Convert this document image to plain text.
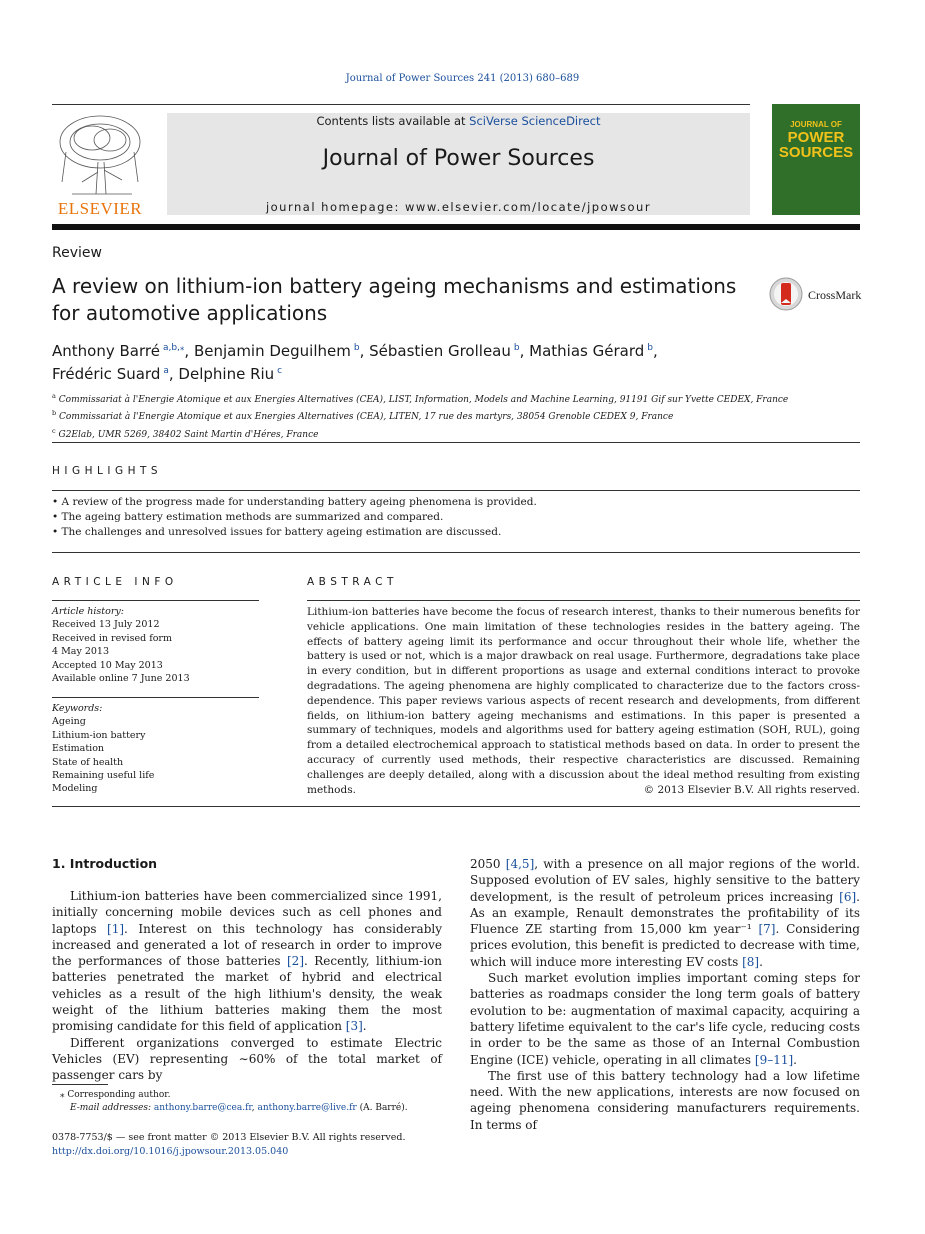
Journal of Power Sources 241 (2013) 680–689
ELSEVIER
Contents lists available at SciVerse ScienceDirect
Journal of Power Sources
journal homepage: www.elsevier.com/locate/jpowsour
JOURNAL OF
POWER
SOURCES
Review
A review on lithium-ion battery ageing mechanisms and estimations for automotive applications
CrossMark
Anthony Barré  $^{a,b,⁎}$, Benjamin Deguilhem  $^b$, Sébastien Grolleau  $^b$, Mathias Gérard  $^b$,
Frédéric Suard  $^a$, Delphine Riu  $^c$
$^a$ Commissariat à l'Energie Atomique et aux Energies Alternatives (CEA), LIST, Information, Models and Machine Learning, 91191 Gif sur Yvette CEDEX, France
$^b$ Commissariat à l'Energie Atomique et aux Energies Alternatives (CEA), LITEN, 17 rue des martyrs, 38054 Grenoble CEDEX 9, France
$^c$ G2Elab, UMR 5269, 38402 Saint Martin d'Héres, France
HIGHLIGHTS
• A review of the progress made for understanding battery ageing phenomena is provided.
• The ageing battery estimation methods are summarized and compared.
• The challenges and unresolved issues for battery ageing estimation are discussed.
ARTICLE INFO
Article history:
Received 13 July 2012
Received in revised form
4 May 2013
Accepted 10 May 2013
Available online 7 June 2013
Keywords:
Ageing
Lithium-ion battery
Estimation
State of health
Remaining useful life
Modeling
ABSTRACT
Lithium-ion batteries have become the focus of research interest, thanks to their numerous benefits for vehicle applications. One main limitation of these technologies resides in the battery ageing. The effects of battery ageing limit its performance and occur throughout their whole life, whether the battery is used or not, which is a major drawback on real usage. Furthermore, degradations take place in every condition, but in different proportions as usage and external conditions interact to provoke degradations. The ageing phenomena are highly complicated to characterize due to the factors cross-dependence. This paper reviews various aspects of recent research and developments, from different fields, on lithium-ion battery ageing mechanisms and estimations. In this paper is presented a summary of techniques, models and algorithms used for battery ageing estimation (SOH, RUL), going from a detailed electrochemical approach to statistical methods based on data. In order to present the accuracy of currently used methods, their respective characteristics are discussed. Remaining challenges are deeply detailed, along with a discussion about the ideal method resulting from existing methods.	© 2013 Elsevier B.V. All rights reserved.
1. Introduction

Lithium-ion batteries have been commercialized since 1991, initially concerning mobile devices such as cell phones and laptops [1]. Interest on this technology has considerably increased and generated a lot of research in order to improve the performances of those batteries [2]. Recently, lithium-ion batteries penetrated the market of hybrid and electrical vehicles as a result of the high lithium's density, the weak weight of the lithium batteries making them the most promising candidate for this field of application [3].

Different organizations converged to estimate Electric Vehicles (EV) representing ∼60% of the total market of passenger cars by

2050 [4,5], with a presence on all major regions of the world. Supposed evolution of EV sales, highly sensitive to the battery development, is the result of petroleum prices increasing [6]. As an example, Renault demonstrates the profitability of its Fluence ZE starting from 15,000 km year⁻¹ [7]. Considering prices evolution, this benefit is predicted to decrease with time, which will induce more interesting EV costs [8].

Such market evolution implies important coming steps for batteries as roadmaps consider the long term goals of battery evolution to be: augmentation of maximal capacity, acquiring a battery lifetime equivalent to the car's life cycle, reducing costs in order to be the same as those of an Internal Combustion Engine (ICE) vehicle, operating in all climates [9–11].

The first use of this battery technology had a low lifetime need. With the new applications, interests are now focused on ageing phenomena considering manufacturers requirements. In terms of

⁎ Corresponding author.
E-mail addresses: anthony.barre@cea.fr, anthony.barre@live.fr (A. Barré).
0378-7753/$ — see front matter © 2013 Elsevier B.V. All rights reserved.
http://dx.doi.org/10.1016/j.jpowsour.2013.05.040
